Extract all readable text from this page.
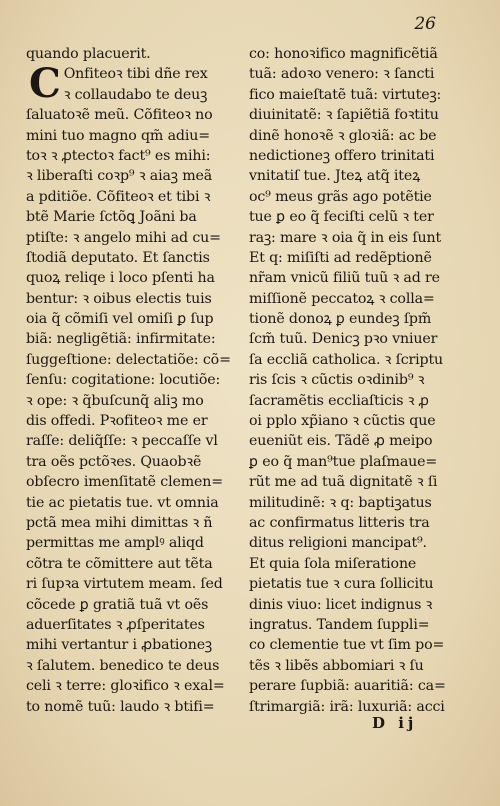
26
quando placuerit.
C Onfiteoꝛ tibi dñe rex
ꝛ collaudabo te deuꝫ
ſaluatoꝛẽ meũ. Cõfiteoꝛ no
mini tuo magno qm̃ adiu=
toꝛ ꝛ ꝓtectoꝛ fact⁹ es mihi:
ꝛ liberaſti coꝛp⁹ ꝛ aiaꝫ meã
a pditiõe. Cõfiteoꝛ et tibi ꝛ
btẽ Marie ſctõꝗ Joãni ba
ptiſte: ꝛ angelo mihi ad cu=
ſtodiã deputato. Et ſanctis
quoꝝ reliqe i loco pſenti ha
bentur: ꝛ oibus electis tuis
oia q̃ cõmiſi vel omiſi ꝑ ſup
biã: negligẽtiã: infirmitate:
ſuggeſtione: delectatiõe: cõ=
ſenſu: cogitatione: locutiõe:
ꝛ ope: ꝛ q̃buſcunq̃ aliꝫ mo
dis offedi. Pꝛofiteoꝛ me er
raſſe: deliq̃ſſe: ꝛ peccaſſe vl
tra oẽs pctõꝛes. Quaobꝛẽ
obſecro imenſitatẽ clemen=
tie ac pietatis tue. vt omnia
pctã mea mihi dimittas ꝛ ñ
permittas me amplꝰ aliqd
cõtra te cõmittere aut tẽta
ri ſupꝛa virtutem meam. ſed
cõcede ꝑ gratiã tuã vt oẽs
aduerſitates ꝛ ꝓſperitates
mihi vertantur i ꝓbationeꝫ
ꝛ ſalutem. benedico te deus
celi ꝛ terre: gloꝛifico ꝛ exal=
to nomẽ tuũ: laudo ꝛ btifi=
co: honoꝛifico magnificẽtiã
tuã: adoꝛo venero: ꝛ ſancti
fico maieſtatẽ tuã: virtuteꝫ:
diuinitatẽ: ꝛ ſapiẽtiã foꝛtitu
dinẽ honoꝛẽ ꝛ gloꝛiã: ac be
nedictioneꝫ offero trinitati
vnitatiſ tue. Jteꝝ atq̃ iteꝝ
oc⁹ meus grãs ago potẽtie
tue ꝑ eo q̃ feciſti celũ ꝛ ter
raꝫ: mare ꝛ oia q̃ in eis ſunt
Et q: miſiſti ad redẽptionẽ
nr̃am vnicũ filiũ tuũ ꝛ ad re
miſſionẽ peccatoꝝ ꝛ colla=
tionẽ donoꝝ ꝑ eundeꝫ ſpm̃
ſcm̃ tuũ. Denicꝫ pꝛo vniuer
ſa eccliã catholica. ꝛ ſcriptu
ris ſcis ꝛ cũctis oꝛdinib⁹ ꝛ
ſacramẽtis eccliaſticis ꝛ ꝓ
oi pplo xp̃iano ꝛ cũctis que
eueniũt eis. Tãdẽ ꝓ meipo
ꝑ eo q̃ man⁹tue plaſmaue=
rũt me ad tuã dignitatẽ ꝛ ſi
militudinẽ: ꝛ q: baptiꝫatus
ac confirmatus litteris tra
ditus religioni mancipat⁹.
Et quia ſola miſeratione
pietatis tue ꝛ cura ſollicitu
dinis viuo: licet indignus ꝛ
ingratus. Tandem ſuppli=
co clementie tue vt ſim po=
tẽs ꝛ libẽs abbomiari ꝛ ſu
perare ſupbiã: auaritiã: ca=
ſtrimargiã: irã: luxuriã: acci
D ij
